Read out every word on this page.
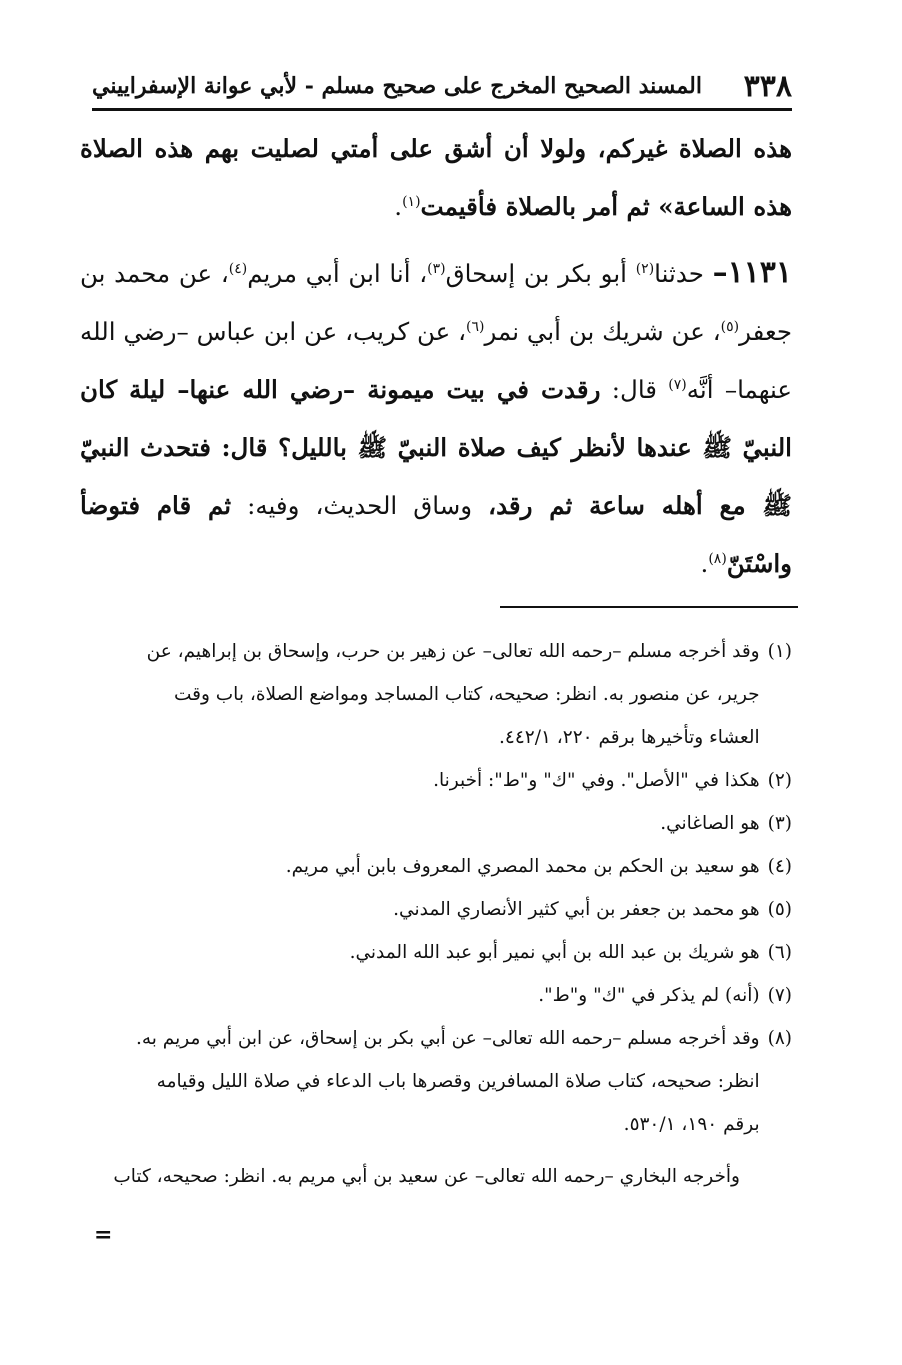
٣٣٨
المسند الصحيح المخرج على صحيح مسلم - لأبي عوانة الإسفراييني

هذه الصلاة غيركم، ولولا أن أشق على أمتي لصليت بهم هذه الصلاة هذه الساعة» ثم أمر بالصلاة فأقيمت$^{(١)}$.

١١٣١– حدثنا$^{(٢)}$ أبو بكر بن إسحاق$^{(٣)}$، أنا ابن أبي مريم$^{(٤)}$، عن محمد بن جعفر$^{(٥)}$، عن شريك بن أبي نمر$^{(٦)}$، عن كريب، عن ابن عباس –رضي الله عنهما– أنَّه$^{(٧)}$ قال: رقدت في بيت ميمونة –رضي الله عنها– ليلة كان النبيّ ﷺ عندها لأنظر كيف صلاة النبيّ ﷺ بالليل؟ قال: فتحدث النبيّ ﷺ مع أهله ساعة ثم رقد، وساق الحديث، وفيه: ثم قام فتوضأ واسْتَنّ$^{(٨)}$.

(١)
وقد أخرجه مسلم –رحمه الله تعالى– عن زهير بن حرب، وإسحاق بن إبراهيم، عن
جرير، عن منصور به. انظر: صحيحه، كتاب المساجد ومواضع الصلاة، باب وقت
العشاء وتأخيرها برقم ٢٢٠، ٤٤٢/١.
(٢)
هكذا في "الأصل". وفي "ك" و"ط": أخبرنا.
(٣)
هو الصاغاني.
(٤)
هو سعيد بن الحكم بن محمد المصري المعروف بابن أبي مريم.
(٥)
هو محمد بن جعفر بن أبي كثير الأنصاري المدني.
(٦)
هو شريك بن عبد الله بن أبي نمير أبو عبد الله المدني.
(٧)
(أنه) لم يذكر في "ك" و"ط".
(٨)
وقد أخرجه مسلم –رحمه الله تعالى– عن أبي بكر بن إسحاق، عن ابن أبي مريم به.
انظر: صحيحه، كتاب صلاة المسافرين وقصرها باب الدعاء في صلاة الليل وقيامه
برقم ١٩٠، ٥٣٠/١.
وأخرجه البخاري –رحمه الله تعالى– عن سعيد بن أبي مريم به. انظر: صحيحه، كتاب
=
